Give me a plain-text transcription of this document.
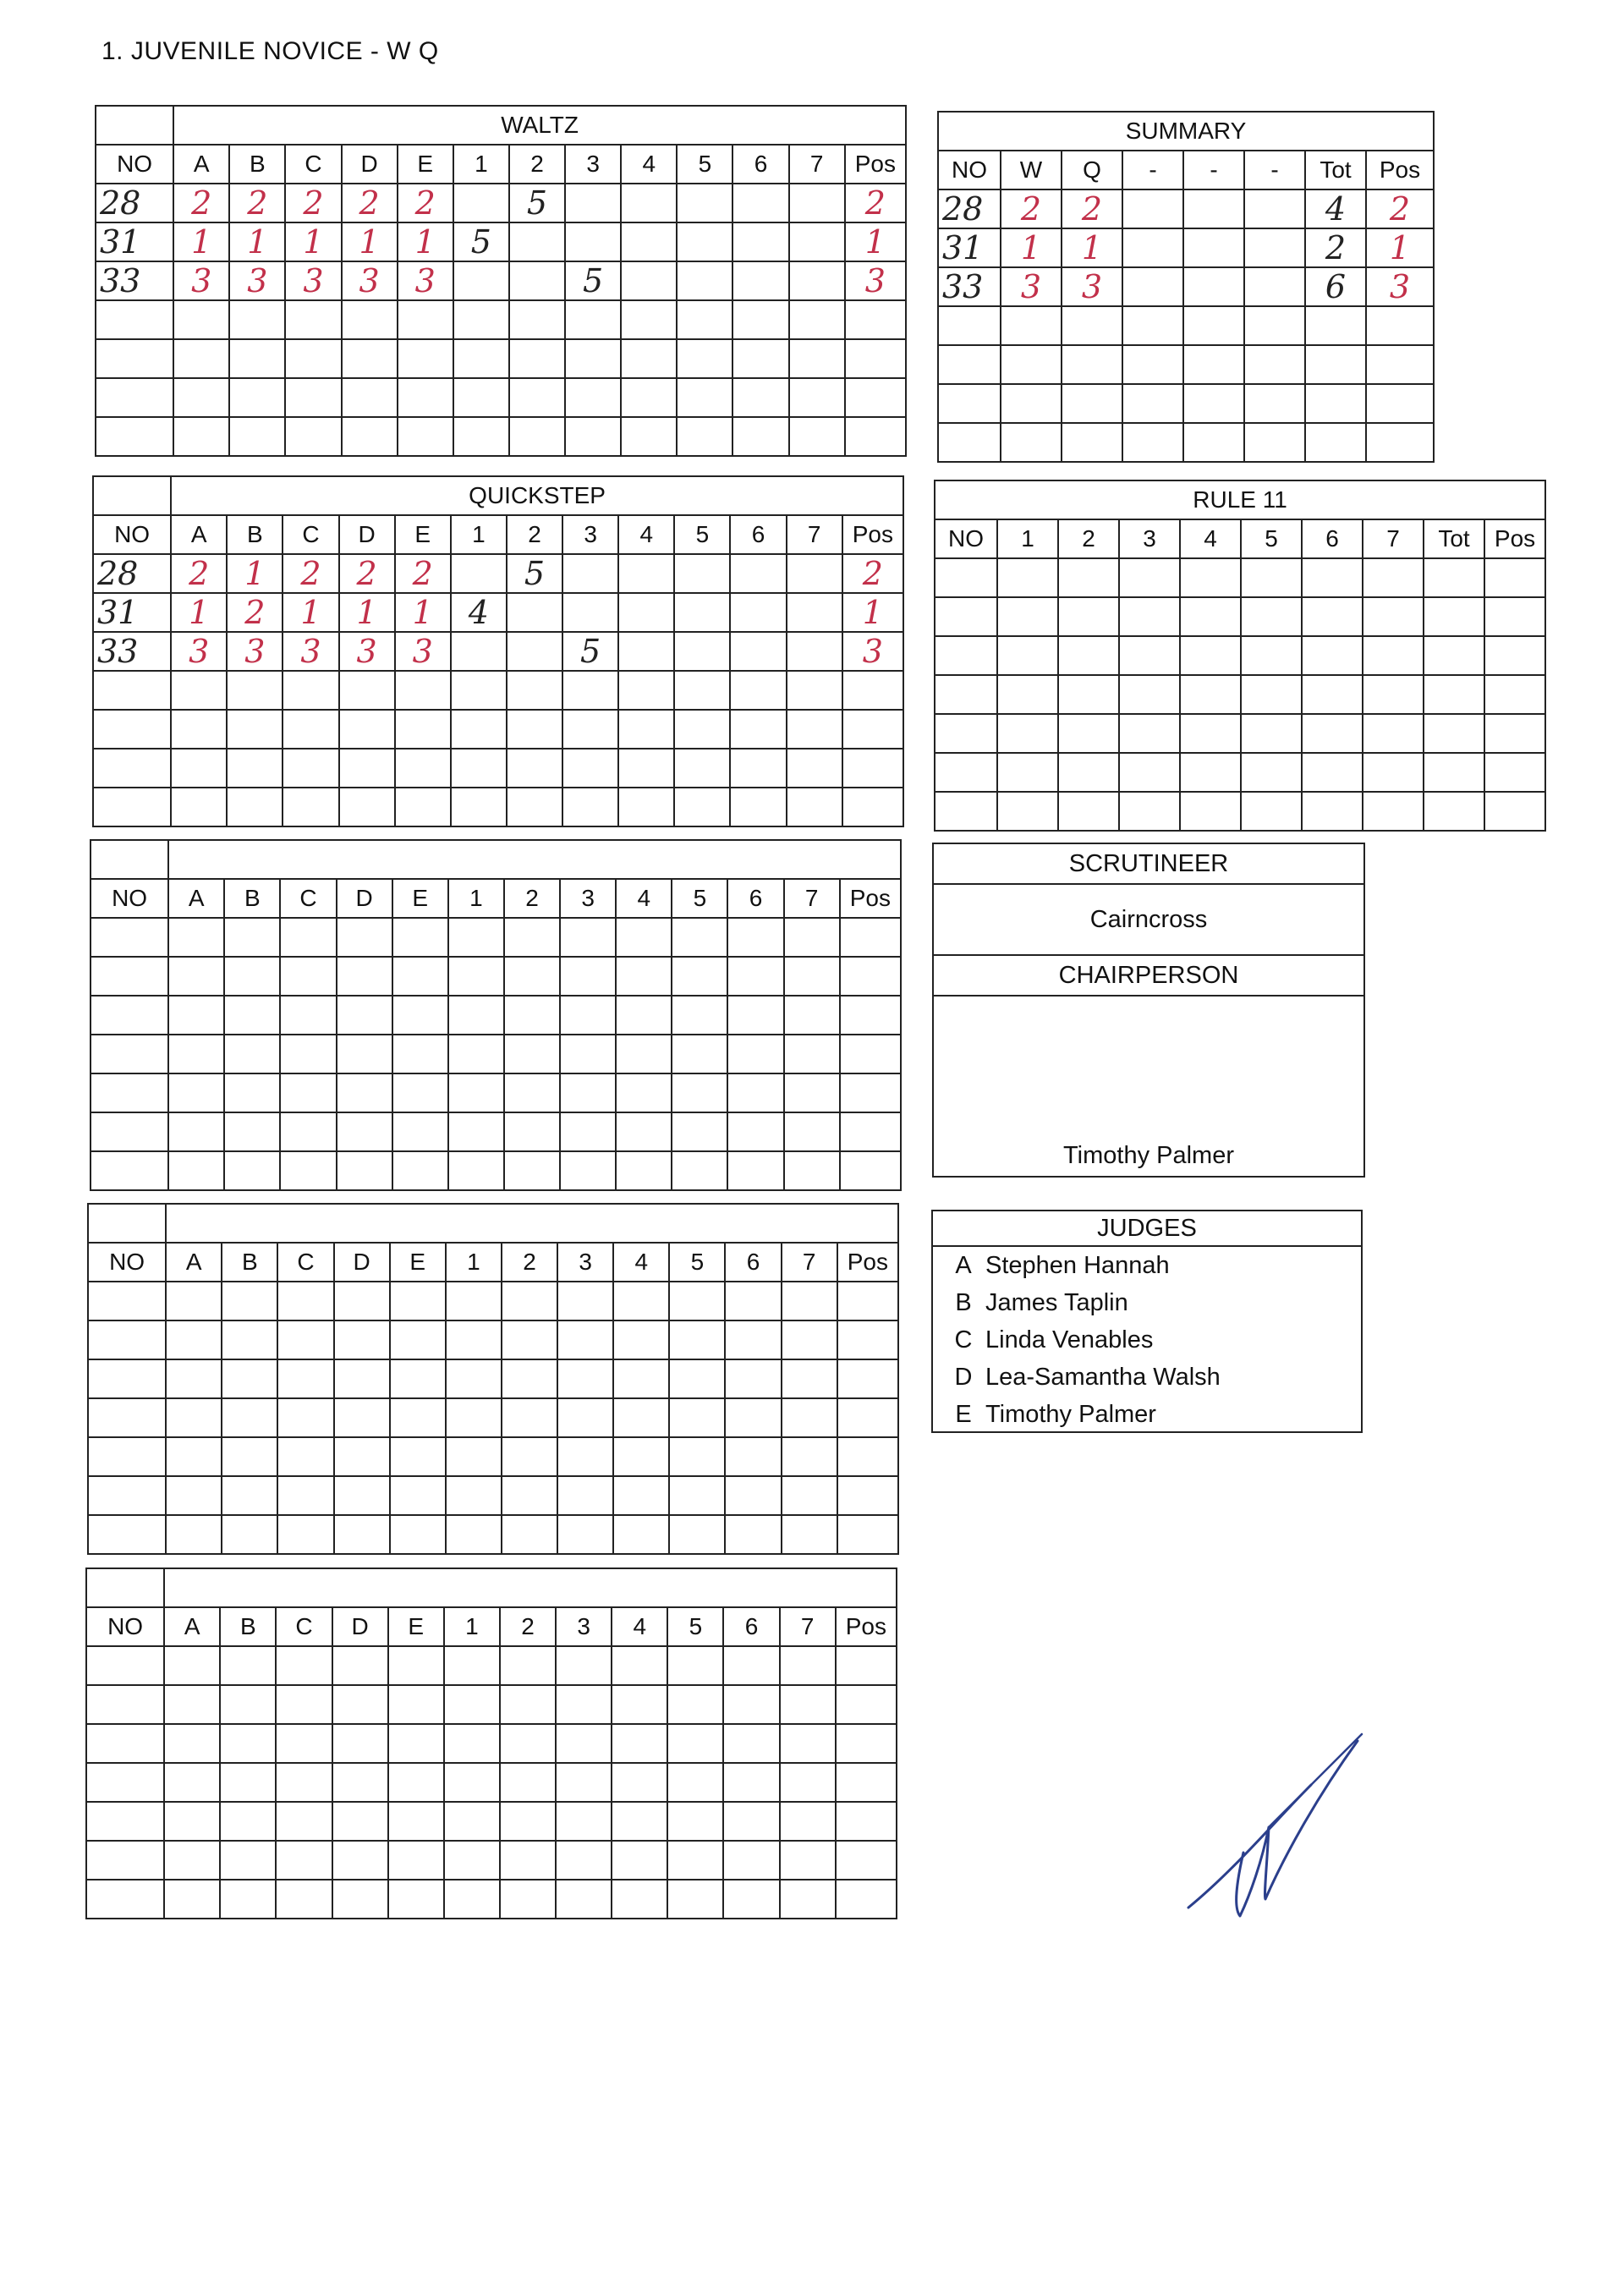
1. JUVENILE NOVICE - W Q
	WALTZ												
NO	A	B	C	D	E	1	2	3	4	5	6	7	Pos
28	2	2	2	2	2		5						2
31	1	1	1	1	1	5							1
33	3	3	3	3	3			5					3

	QUICKSTEP												
NO	A	B	C	D	E	1	2	3	4	5	6	7	Pos
28	2	1	2	2	2		5						2
31	1	2	1	1	1	4							1
33	3	3	3	3	3			5					3

NO	A	B	C	D	E	1	2	3	4	5	6	7	Pos

NO	A	B	C	D	E	1	2	3	4	5	6	7	Pos

NO	A	B	C	D	E	1	2	3	4	5	6	7	Pos

SUMMARY							
NO	W	Q	-	-	-	Tot	Pos
28	2	2				4	2
31	1	1				2	1
33	3	3				6	3

RULE 11									
NO	1	2	3	4	5	6	7	Tot	Pos

SCRUTINEER
Cairncross
CHAIRPERSON
Timothy Palmer
JUDGES
A Stephen Hannah
B James Taplin
C Linda Venables
D Lea-Samantha Walsh
E Timothy Palmer
